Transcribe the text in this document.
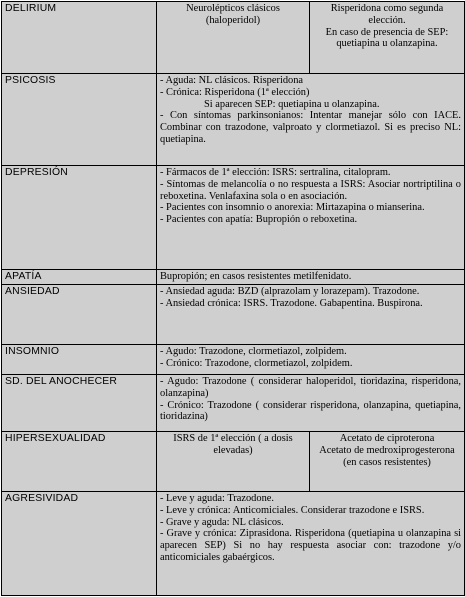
DELIRIUM	Neurolépticos clásicos (haloperidol)	Risperidona como segunda elección.
En caso de presencia de SEP: quetiapina u olanzapina.

PSICOSIS	- Aguda: NL clásicos. Risperidona
- Crónica: Risperidona (1ª elección)
Si aparecen SEP: quetiapina u olanzapina.
- Con síntomas parkinsonianos: Intentar manejar sólo con IACE. Combinar con trazodone, valproato y clormetiazol. Si es preciso NL: quetiapina.	

DEPRESIÓN	- Fármacos de 1ª elección: ISRS: sertralina, citalopram.
- Síntomas de melancolía o no respuesta a ISRS: Asociar nortriptilina o reboxetina. Venlafaxina sola o en asociación.
- Pacientes con insomnio o anorexia: Mirtazapina o mianserina.
- Pacientes con apatía: Bupropión o reboxetina.	

APATÍA	Bupropión; en casos resistentes metilfenidato.	

ANSIEDAD	- Ansiedad aguda: BZD (alprazolam y lorazepam). Trazodone.
- Ansiedad crónica: ISRS. Trazodone. Gabapentina. Buspirona.	

INSOMNIO	- Agudo: Trazodone, clormetiazol, zolpidem.
- Crónico: Trazodone, clormetiazol, zolpidem.	

SD. DEL ANOCHECER	- Agudo: Trazodone ( considerar haloperidol, tioridazina, risperidona, olanzapina)
- Crónico: Trazodone ( considerar risperidona, olanzapina, quetiapina, tioridazina)	

HIPERSEXUALIDAD	ISRS de 1ª elección ( a dosis elevadas)	Acetato de ciproterona
Acetato de medroxiprogesterona (en casos resistentes)

AGRESIVIDAD	- Leve y aguda: Trazodone.
- Leve y crónica: Anticomiciales. Considerar trazodone e ISRS.
- Grave y aguda: NL clásicos.
- Grave y crónica: Ziprasidona. Risperidona (quetiapina u olanzapina si aparecen SEP) Si no hay respuesta asociar con: trazodone y/o anticomiciales gabaérgicos.	
